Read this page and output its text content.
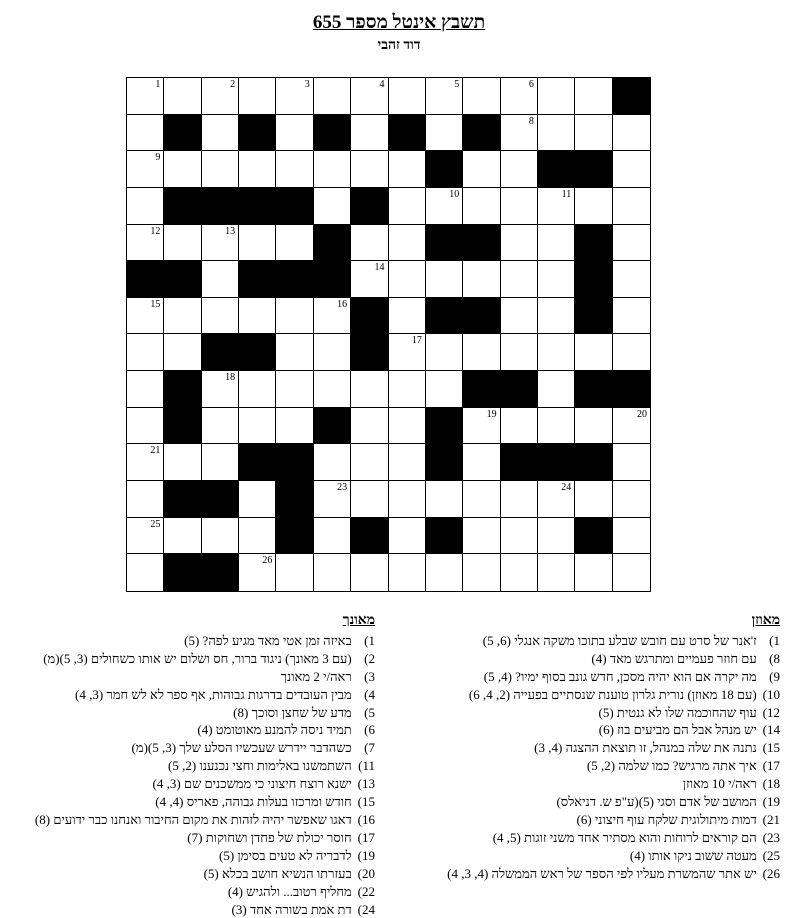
תשבץ אינטל מספר 655
דוד זהבי
6
5
4
3
2
1
8
9
11
10
13
12
14
16
15
17
18
20
19
21
24
23
25
26
מאוזן
1) ז'אנר של סרט עם חובש שבלע בתוכו משקה אנגלי (6, 5)
8) עם חוזר פעמיים ומתרגש מאד (4)
9) מה יקרה אם הוא יהיה מסכן, חדש גונב בסוף ימיו? (4, 5)
10) (עם 18 מאוזן) נורית גלרון טוענת שנסתיים בפעייה (2, 4, 6)
12) עוף שהחוכמה שלו לא גנטית (5)
14) יש מנהל אבל הם מביעים בוז (6)
15) נתנה את שלה במנהל, זו תוצאת ההצגה (4, 3)
17) איך אתה מרגיש? כמו שלמה (2, 5)
18) ראה/י 10 מאוזן
19) המושב של אדם וסגי (5)(ע"פ ש. דניאלס)
21) דמות מיתולוגית שלקח עוף חיצוני (6)
23) הם קוראים לרוחות והוא מסתיר אחד משני זוגות (5, 4)
25) מעטה ששוב ניקו אותו (4)
26) יש אתר שהמשרת מעליו לפי הספר של ראש הממשלה (4, 3, 4)
מאונך
1) באיזה זמן אטי מאד מגיע לפה? (5)
2) (עם 3 מאונך) ניגוד ברור, חס ושלום יש אותו כשחולים (3, 5)(מ)
3) ראה/י 2 מאונך
4) מבין העובדים בדרגות גבוהות, אף ספר לא לש חמר (3, 4)
5) מדע של שחצן וסוכך (8)
6) תמיד ניסה להמנע מאוטומט (4)
7) כשהדבר יידרש שעכשיו הסלע שלך (3, 5)(מ)
11) השתמשנו באלימות וחצי נכנענו (2, 5)
13) ישנא רוצח חיצוני כי ממשכנים שם (3, 4)
15) חודש ומרכזו בעלות גבוהה, פאריס (4, 4)
16) דאגו שאפשר יהיה לזהות את מקום החיבור ואנחנו כבר ידועים (8)
17) חוסר יכולת של פחדן ושחוקות (7)
19) לדבריה לא טעים בסימן (5)
20) בעזרתו הנשיא חושב בכלא (5)
22) מחליף רטוב... ולהגיש (4)
24) דת אמת בשורה אחד (3)
